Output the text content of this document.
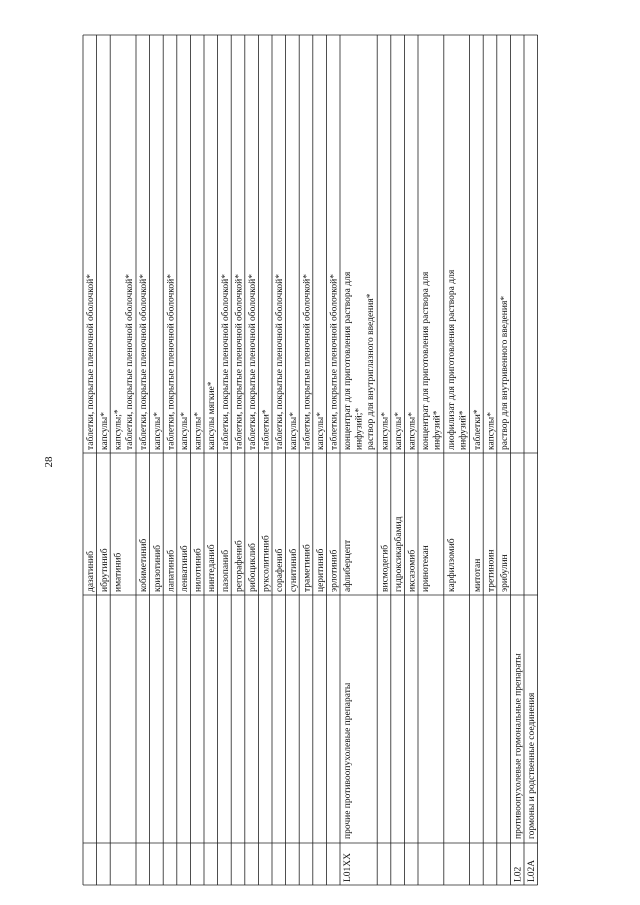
28
дазатиниб
таблетки, покрытые пленочной оболочкой*
ибрутиниб
капсулы*
иматиниб
капсулы;* таблетки, покрытые пленочной оболочкой*
кобиметиниб
таблетки, покрытые пленочной оболочкой*
кризотиниб
капсулы*
лапатиниб
таблетки, покрытые пленочной оболочкой*
ленватиниб
капсулы*
нилотиниб
капсулы*
нинтеданиб
капсулы мягкие*
пазопаниб
таблетки, покрытые пленочной оболочкой*
регорафениб
таблетки, покрытые пленочной оболочкой*
рибоциклиб
таблетки, покрытые пленочной оболочкой*
руксолитиниб
таблетки*
сорафениб
таблетки, покрытые пленочной оболочкой*
сунитиниб
капсулы*
траметиниб
таблетки, покрытые пленочной оболочкой*
церитиниб
капсулы*
эрлотиниб
таблетки, покрытые пленочной оболочкой*
L01XX
прочие противоопухолевые препараты
афлиберцепт
концентрат для приготовления раствора для инфузий;* раствор для внутриглазного введения*
висмодегиб
капсулы*
гидроксикарбамид
капсулы*
иксазомиб
капсулы*
иринотекан
концентрат для приготовления раствора для инфузий*
карфилзомиб
лиофилизат для приготовления раствора для инфузий*
митотан
таблетки*
третиноин
капсулы*
эрибулин
раствор для внутривенного введения*
L02
противоопухолевые гормональные препараты
L02A
гормоны и родственные соединения
